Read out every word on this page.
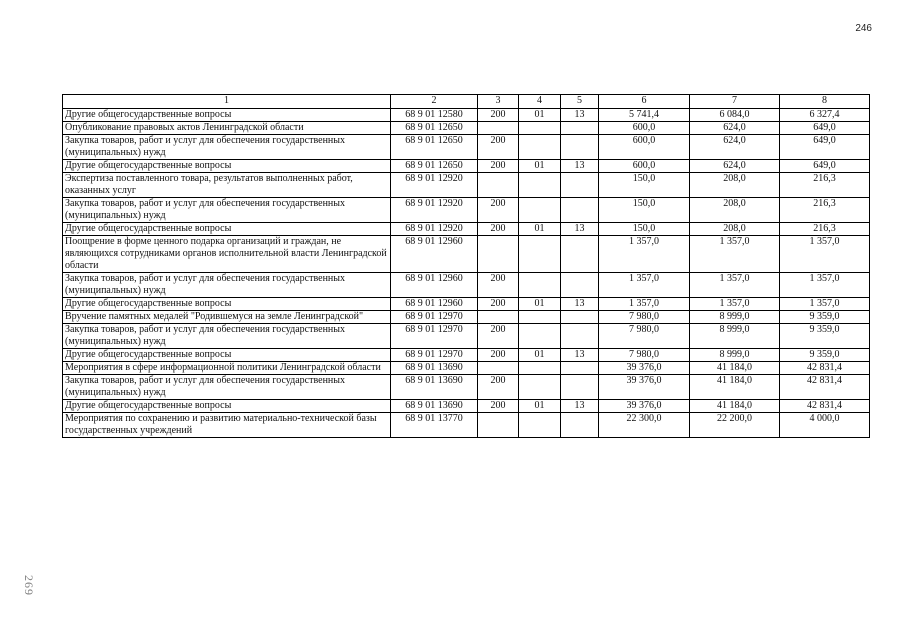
246
1	2	3	4	5	6	7	8
Другие общегосударственные вопросы	68 9 01 12580	200	01	13	5 741,4	6 084,0	6 327,4
Опубликование правовых актов Ленинградской области	68 9 01 12650				600,0	624,0	649,0
Закупка товаров, работ и услуг для обеспечения государственных (муниципальных) нужд	68 9 01 12650	200			600,0	624,0	649,0
Другие общегосударственные вопросы	68 9 01 12650	200	01	13	600,0	624,0	649,0
Экспертиза поставленного товара, результатов выполненных работ, оказанных услуг	68 9 01 12920				150,0	208,0	216,3
Закупка товаров, работ и услуг для обеспечения государственных (муниципальных) нужд	68 9 01 12920	200			150,0	208,0	216,3
Другие общегосударственные вопросы	68 9 01 12920	200	01	13	150,0	208,0	216,3
Поощрение в форме ценного подарка организаций и граждан, не являющихся сотрудниками органов исполнительной власти Ленинградской области	68 9 01 12960				1 357,0	1 357,0	1 357,0
Закупка товаров, работ и услуг для обеспечения государственных (муниципальных) нужд	68 9 01 12960	200			1 357,0	1 357,0	1 357,0
Другие общегосударственные вопросы	68 9 01 12960	200	01	13	1 357,0	1 357,0	1 357,0
Вручение памятных медалей "Родившемуся на земле Ленинградской"	68 9 01 12970				7 980,0	8 999,0	9 359,0
Закупка товаров, работ и услуг для обеспечения государственных (муниципальных) нужд	68 9 01 12970	200			7 980,0	8 999,0	9 359,0
Другие общегосударственные вопросы	68 9 01 12970	200	01	13	7 980,0	8 999,0	9 359,0
Мероприятия в сфере информационной политики Ленинградской области	68 9 01 13690				39 376,0	41 184,0	42 831,4
Закупка товаров, работ и услуг для обеспечения государственных (муниципальных) нужд	68 9 01 13690	200			39 376,0	41 184,0	42 831,4
Другие общегосударственные вопросы	68 9 01 13690	200	01	13	39 376,0	41 184,0	42 831,4
Мероприятия по сохранению и развитию материально-технической базы государственных учреждений	68 9 01 13770				22 300,0	22 200,0	4 000,0
269
